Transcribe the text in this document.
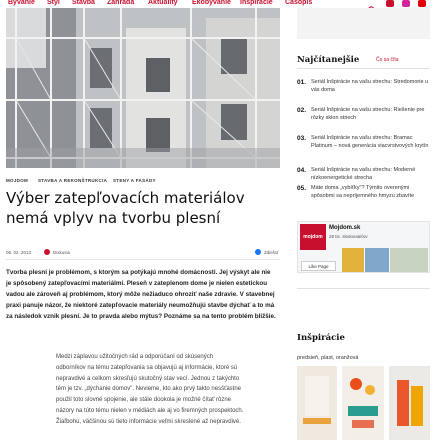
Bývanie Štýl Stavba Záhrada Aktuality Ekobývanie Inšpirácie Časopis
MOJDOM STAVBA A REKONŠTRUKCIA STENY A FASÁDY
Výber zatepľovacích materiálov nemá vplyv na tvorbu plesní
06. 02. 2013	Diskusia	Zdieľať

Tvorba plesní je problémom, s ktorým sa potýkajú mnohé domácnosti. Jej výskyt ale nie je spôsobený zatepľovacími materiálmi. Pleseň v zateplenom dome je nielen estetickou vadou ale zároveň aj problémom, ktorý môže nežiaduco ohroziť naše zdravie. V stavebnej praxi panuje názor, že niektoré zatepľovacie materiály neumožňujú stavbe dýchať a to má za následok vznik plesní. Je to pravda alebo mýtus? Poznáme sa na tento problém bližšie.

Medzi záplavou užitočných rád a odporúčaní od skúsených odborníkov na tému zatepľovania sa objavujú aj informácie, ktoré sú nepravdivé a celkom skresľujú skutočný stav vecí. Jednou z takýchto tém je tzv. „dýchanie domov". Nevieme, kto ako prvý takto nesšťastne použil toto slovné spojenie, ale stále dookola je možné čítať rôzne názory na túto tému nielen v médiách ale aj vo firemných prospektoch. Žiaľbohu, väčšinou sú tieto informácie veľmi skreslené až nepravdivé.

Najčítanejšie	Čo sa číta
01. Seriál Inšpirácie na vašu strechu: Stredomorie u vás doma
02. Seriál Inšpirácie na vašu strechu: Riešenie pre rôzky sklon striech
03. Seriál Inšpirácie na vašu strechu: Bramac Platinum – nová generácia viacvrstvových krytín
04. Seriál Inšpirácie na vašu strechu: Moderné nízkoenergetické strecha
05. Máte doma „vybíťky"? Týmito overenými spôsobmi sa nepríjemného hmyzu zbavíte
mojdom
Mojdom.sk
28 tis. sledovateľov
Like Page
Inšpirácie
predsieň, plast, oranžová
